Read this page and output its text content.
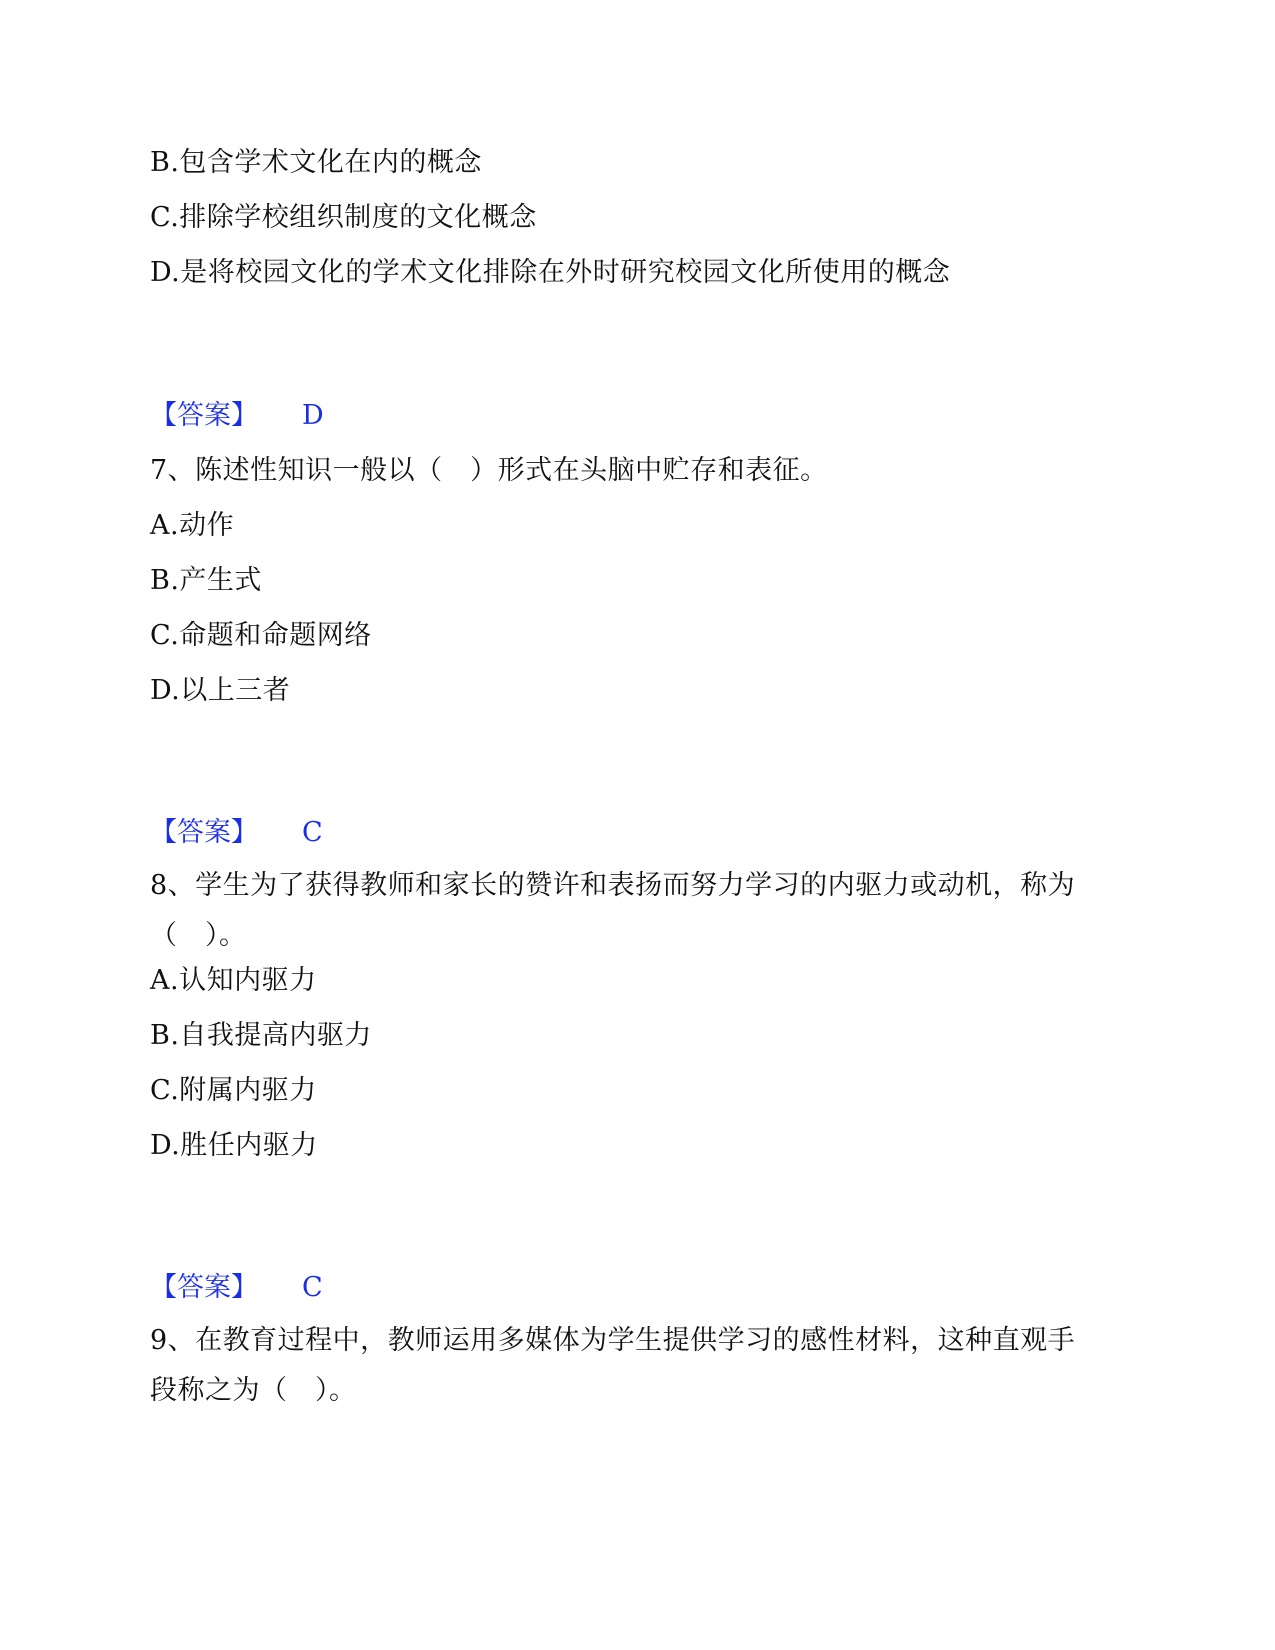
B.包含学术文化在内的概念
C.排除学校组织制度的文化概念
D.是将校园文化的学术文化排除在外时研究校园文化所使用的概念
【答案】 D
7、陈述性知识一般以（　）形式在头脑中贮存和表征。
A.动作
B.产生式
C.命题和命题网络
D.以上三者
【答案】 C
8、学生为了获得教师和家长的赞许和表扬而努力学习的内驱力或动机，称为（　）。
A.认知内驱力
B.自我提高内驱力
C.附属内驱力
D.胜任内驱力
【答案】 C
9、在教育过程中，教师运用多媒体为学生提供学习的感性材料，这种直观手段称之为（　）。
